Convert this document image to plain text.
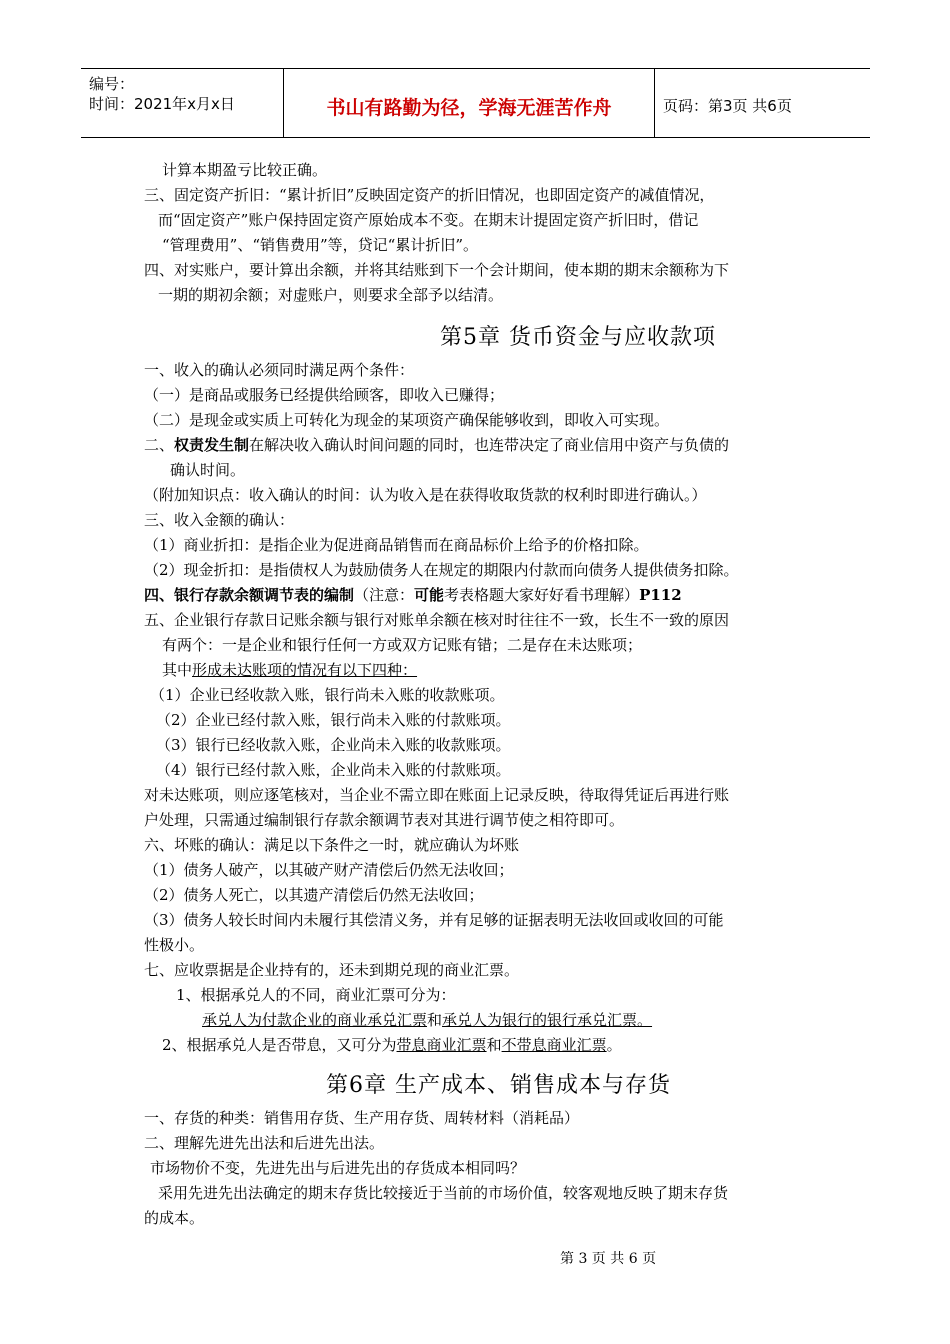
编号：
时间：2021年x月x日	书山有路勤为径，学海无涯苦作舟	页码：第3页 共6页
计算本期盈亏比较正确。
三、固定资产折旧：“累计折旧”反映固定资产的折旧情况，也即固定资产的减值情况，
而“固定资产”账户保持固定资产原始成本不变。在期末计提固定资产折旧时，借记
“管理费用”、“销售费用”等，贷记“累计折旧”。
四、对实账户，要计算出余额，并将其结账到下一个会计期间，使本期的期末余额称为下
一期的期初余额；对虚账户，则要求全部予以结清。
第5章 货币资金与应收款项
一、收入的确认必须同时满足两个条件：
（一）是商品或服务已经提供给顾客，即收入已赚得；
（二）是现金或实质上可转化为现金的某项资产确保能够收到，即收入可实现。
二、权责发生制在解决收入确认时间问题的同时，也连带决定了商业信用中资产与负债的
确认时间。
（附加知识点：收入确认的时间：认为收入是在获得收取货款的权利时即进行确认。）
三、收入金额的确认：
（1）商业折扣：是指企业为促进商品销售而在商品标价上给予的价格扣除。
（2）现金折扣：是指债权人为鼓励债务人在规定的期限内付款而向债务人提供债务扣除。
四、银行存款余额调节表的编制（注意：可能考表格题大家好好看书理解）P112
五、企业银行存款日记账余额与银行对账单余额在核对时往往不一致，长生不一致的原因
有两个：一是企业和银行任何一方或双方记账有错；二是存在未达账项；
其中形成未达账项的情况有以下四种：
（1）企业已经收款入账，银行尚未入账的收款账项。
（2）企业已经付款入账，银行尚未入账的付款账项。
（3）银行已经收款入账，企业尚未入账的收款账项。
（4）银行已经付款入账，企业尚未入账的付款账项。
对未达账项，则应逐笔核对，当企业不需立即在账面上记录反映，待取得凭证后再进行账
户处理，只需通过编制银行存款余额调节表对其进行调节使之相符即可。
六、坏账的确认：满足以下条件之一时，就应确认为坏账
（1）债务人破产，以其破产财产清偿后仍然无法收回；
（2）债务人死亡，以其遗产清偿后仍然无法收回；
（3）债务人较长时间内未履行其偿清义务，并有足够的证据表明无法收回或收回的可能
性极小。
七、应收票据是企业持有的，还未到期兑现的商业汇票。
1、根据承兑人的不同，商业汇票可分为：
承兑人为付款企业的商业承兑汇票和承兑人为银行的银行承兑汇票。
2、根据承兑人是否带息，又可分为带息商业汇票和不带息商业汇票。
第6章 生产成本、销售成本与存货
一、存货的种类：销售用存货、生产用存货、周转材料（消耗品）
二、理解先进先出法和后进先出法。
市场物价不变，先进先出与后进先出的存货成本相同吗？
采用先进先出法确定的期末存货比较接近于当前的市场价值，较客观地反映了期末存货
的成本。
第 3 页 共 6 页
